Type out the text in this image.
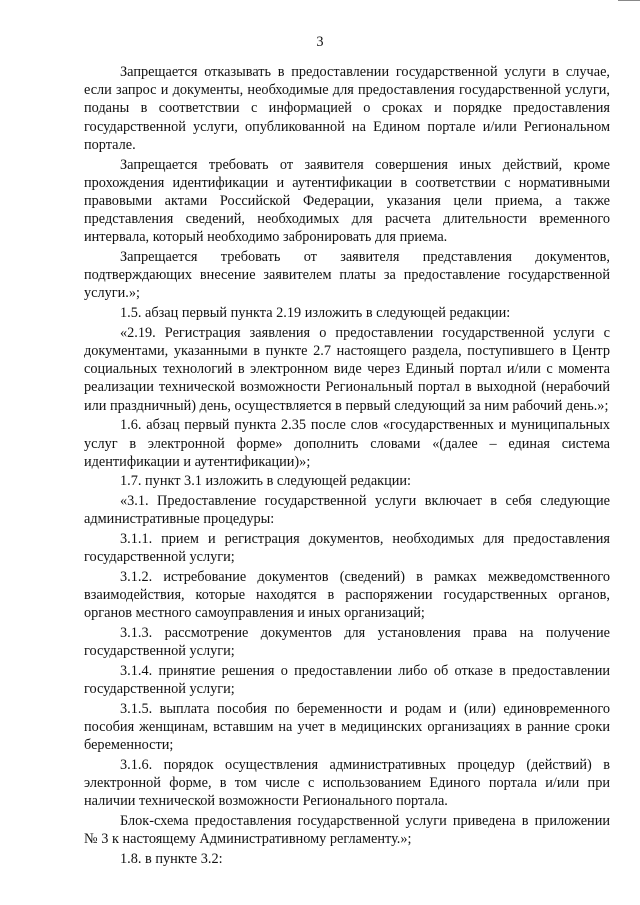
3

Запрещается отказывать в предоставлении государственной услуги в случае, если запрос и документы, необходимые для предоставления государственной услуги, поданы в соответствии с информацией о сроках и порядке предоставления государственной услуги, опубликованной на Едином портале и/или Региональном портале.

Запрещается требовать от заявителя совершения иных действий, кроме прохождения идентификации и аутентификации в соответствии с нормативными правовыми актами Российской Федерации, указания цели приема, а также представления сведений, необходимых для расчета длительности временного интервала, который необходимо забронировать для приема.

Запрещается требовать от заявителя представления документов, подтверждающих внесение заявителем платы за предоставление государственной услуги.»;

1.5. абзац первый пункта 2.19 изложить в следующей редакции:

«2.19. Регистрация заявления о предоставлении государственной услуги с документами, указанными в пункте 2.7 настоящего раздела, поступившего в Центр социальных технологий в электронном виде через Единый портал и/или с момента реализации технической возможности Региональный портал в выходной (нерабочий или праздничный) день, осуществляется в первый следующий за ним рабочий день.»;

1.6. абзац первый пункта 2.35 после слов «государственных и муниципальных услуг в электронной форме» дополнить словами «(далее – единая система идентификации и аутентификации)»;

1.7. пункт 3.1 изложить в следующей редакции:

«3.1. Предоставление государственной услуги включает в себя следующие административные процедуры:

3.1.1. прием и регистрация документов, необходимых для предоставления государственной услуги;

3.1.2. истребование документов (сведений) в рамках межведомственного взаимодействия, которые находятся в распоряжении государственных органов, органов местного самоуправления и иных организаций;

3.1.3. рассмотрение документов для установления права на получение государственной услуги;

3.1.4. принятие решения о предоставлении либо об отказе в предоставлении государственной услуги;

3.1.5. выплата пособия по беременности и родам и (или) единовременного пособия женщинам, вставшим на учет в медицинских организациях в ранние сроки беременности;

3.1.6. порядок осуществления административных процедур (действий) в электронной форме, в том числе с использованием Единого портала и/или при наличии технической возможности Регионального портала.

Блок-схема предоставления государственной услуги приведена в приложении № 3 к настоящему Административному регламенту.»;

1.8. в пункте 3.2:
